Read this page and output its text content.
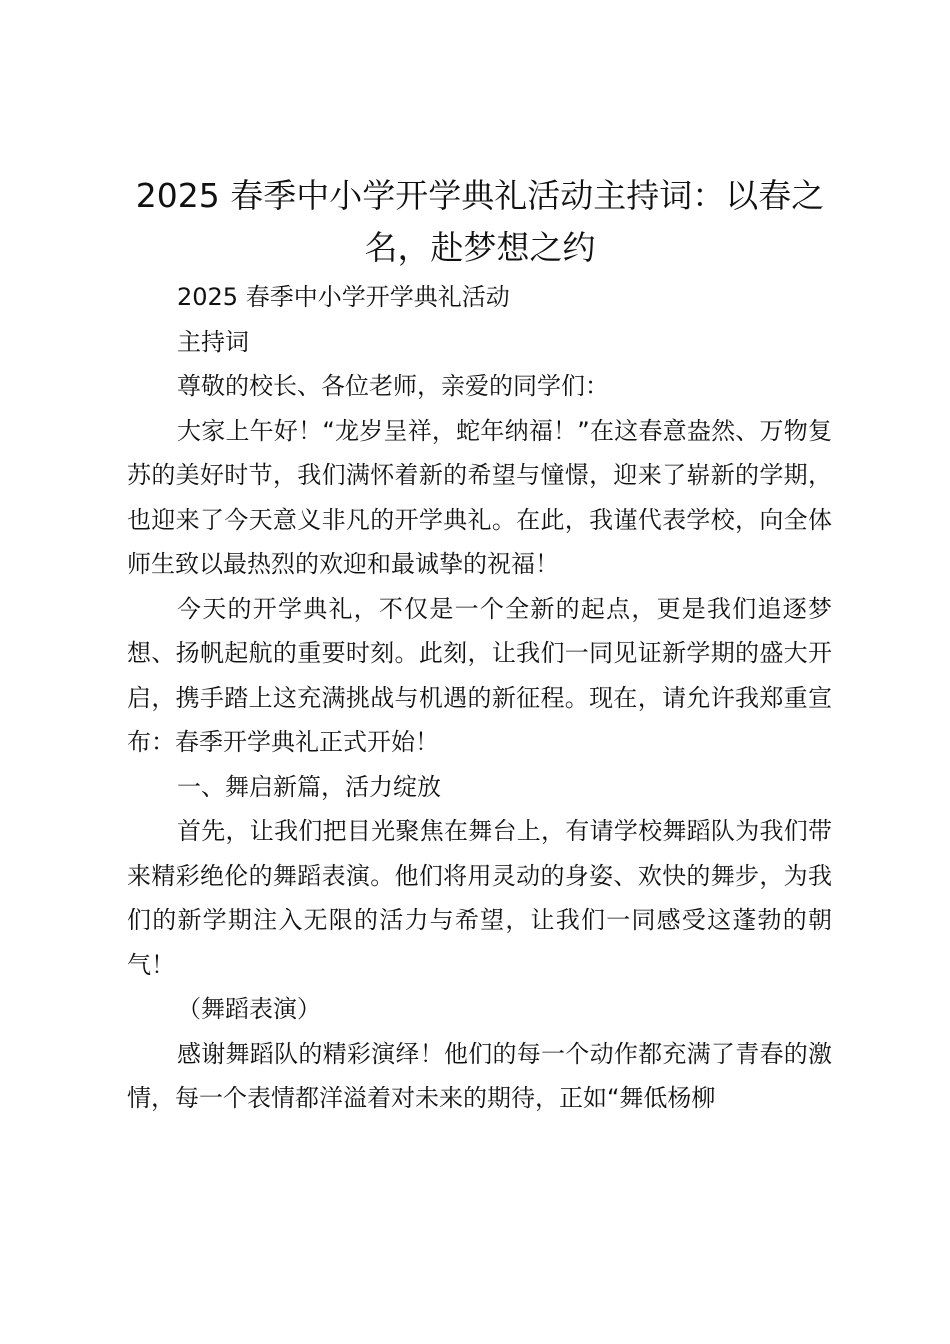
2025 春季中小学开学典礼活动主持词：以春之名，赴梦想之约

2025 春季中小学开学典礼活动

主持词

尊敬的校长、各位老师，亲爱的同学们：

大家上午好！“龙岁呈祥，蛇年纳福！”在这春意盎然、万物复苏的美好时节，我们满怀着新的希望与憧憬，迎来了崭新的学期，也迎来了今天意义非凡的开学典礼。在此，我谨代表学校，向全体师生致以最热烈的欢迎和最诚挚的祝福！

今天的开学典礼，不仅是一个全新的起点，更是我们追逐梦想、扬帆起航的重要时刻。此刻，让我们一同见证新学期的盛大开启，携手踏上这充满挑战与机遇的新征程。现在，请允许我郑重宣布：春季开学典礼正式开始！

一、舞启新篇，活力绽放

首先，让我们把目光聚焦在舞台上，有请学校舞蹈队为我们带来精彩绝伦的舞蹈表演。他们将用灵动的身姿、欢快的舞步，为我们的新学期注入无限的活力与希望，让我们一同感受这蓬勃的朝气！

（舞蹈表演）

感谢舞蹈队的精彩演绎！他们的每一个动作都充满了青春的激情，每一个表情都洋溢着对未来的期待，正如“舞低杨柳
